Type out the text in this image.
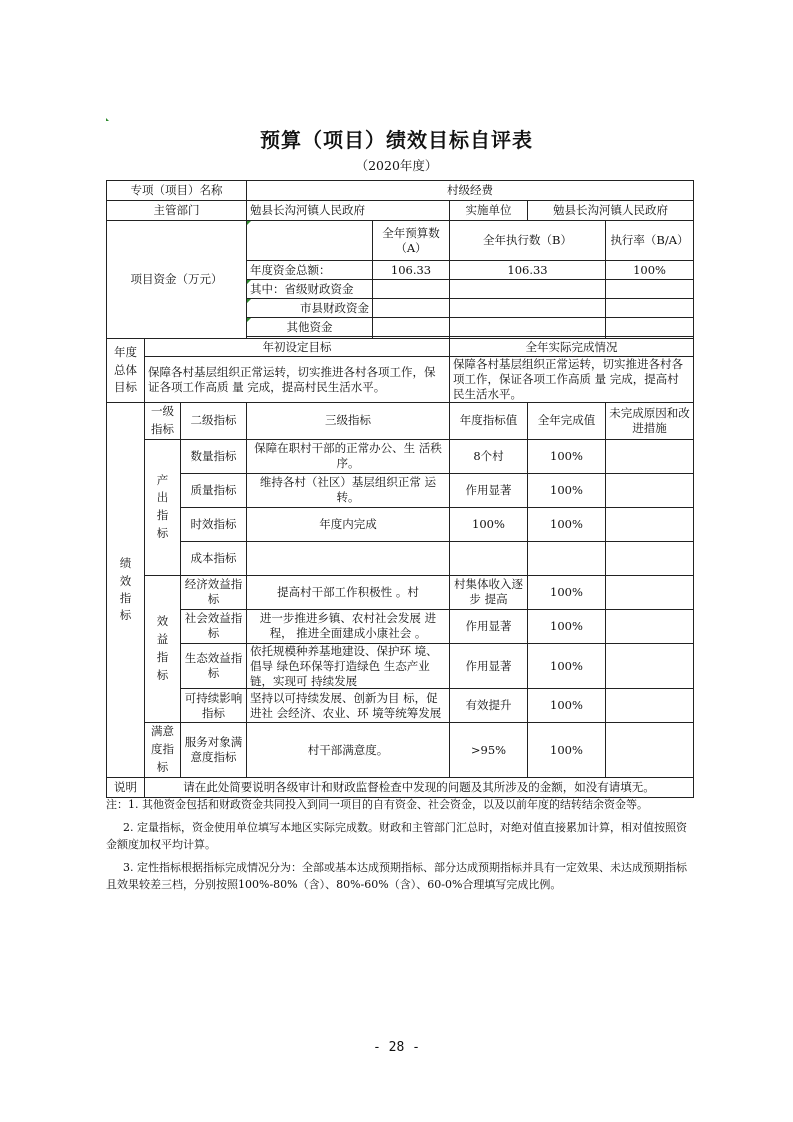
预算（项目）绩效目标自评表
（2020年度）
专项（项目）名称			村级经费				
主管部门			勉县长沟河镇人民政府		实施单位	勉县长沟河镇人民政府	
项目资金（万元）				全年预算数（A）	全年执行数（B）		执行率（B/A）
			年度资金总额：	106.33	106.33		100%
			其中：省级财政资金				
			市县财政资金				
			其他资金				

年度总体目标	年初设定目标				全年实际完成情况		
	保障各村基层组织正常运转，切实推进各村各项工作，保证各项工作高质 量 完成，提高村民生活水平。				保障各村基层组织正常运转，切实推进各村各项工作，保证各项工作高质 量 完成，提高村民生活水平。		
绩效指标	一级指标	二级指标	三级指标		年度指标值	全年完成值	未完成原因和改进措施
	产出指标	数量指标	保障在职村干部的正常办公、生 活秩序。		8个村	100%	
		质量指标	维持各村（社区）基层组织正常 运转。		作用显著	100%	
		时效指标	年度内完成		100%	100%	
		成本指标					
	效益指标	经济效益指标	提高村干部工作积极性 。村		村集体收入逐步 提高	100%	
		社会效益指标	进一步推进乡镇、农村社会发展 进程， 推进全面建成小康社会 。		作用显著	100%	
		生态效益指标	依托规模种养基地建设、保护环 境、倡导 绿色环保等打造绿色 生态产业链，实现可 持续发展		作用显著	100%	
		可持续影响指标	坚持以可持续发展、创新为目 标，促进社 会经济、农业、环 境等统筹发展		有效提升	100%	
	满意度指标	服务对象满意度指标	村干部满意度。		>95%	100%	
说明	请在此处简要说明各级审计和财政监督检查中发现的问题及其所涉及的金额，如没有请填无。						

注：1. 其他资金包括和财政资金共同投入到同一项目的自有资金、社会资金，以及以前年度的结转结余资金等。

2. 定量指标，资金使用单位填写本地区实际完成数。财政和主管部门汇总时，对绝对值直接累加计算，相对值按照资金额度加权平均计算。

3. 定性指标根据指标完成情况分为：全部或基本达成预期指标、部分达成预期指标并具有一定效果、未达成预期指标且效果较差三档，分别按照100%-80%（含）、80%-60%（含）、60-0%合理填写完成比例。

- 28 -
